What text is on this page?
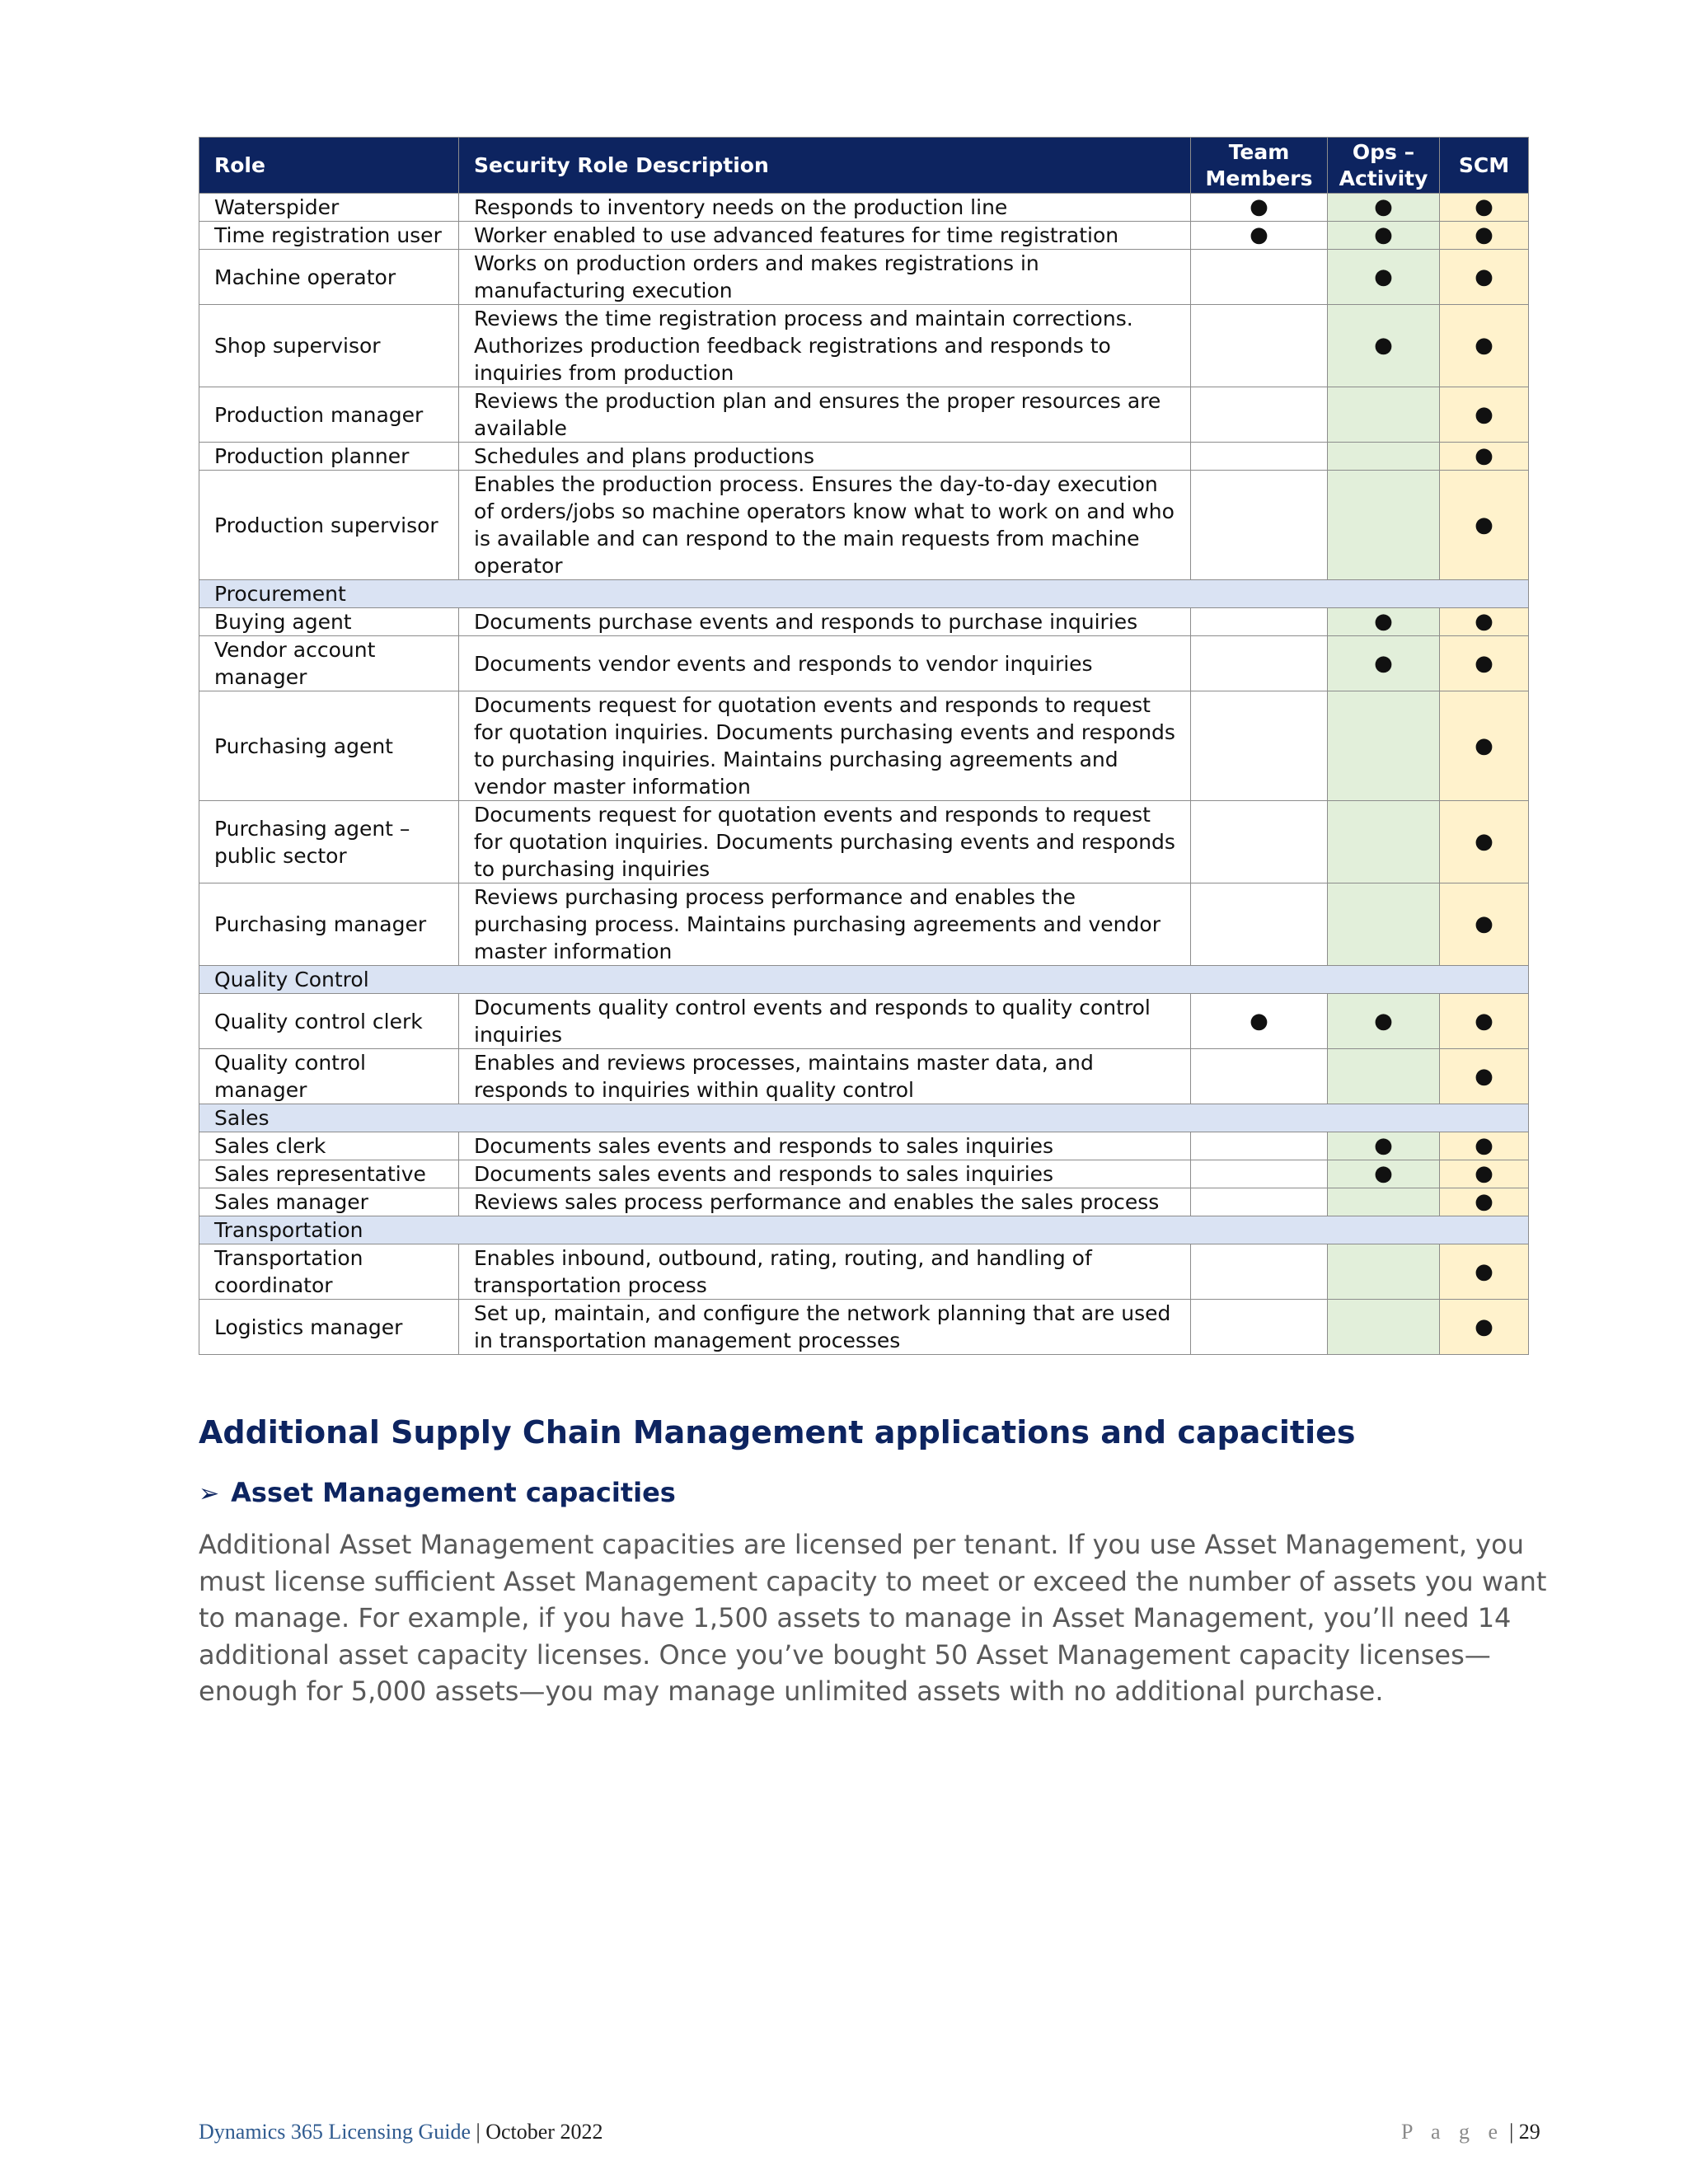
Role	Security Role Description	Team Members	Ops – Activity	SCM
Waterspider	Responds to inventory needs on the production line	●	●	●
Time registration user	Worker enabled to use advanced features for time registration	●	●	●
Machine operator	Works on production orders and makes registrations in manufacturing execution		●	●
Shop supervisor	Reviews the time registration process and maintain corrections. Authorizes production feedback registrations and responds to inquiries from production		●	●
Production manager	Reviews the production plan and ensures the proper resources are available			●
Production planner	Schedules and plans productions			●
Production supervisor	Enables the production process. Ensures the day-to-day execution of orders/jobs so machine operators know what to work on and who is available and can respond to the main requests from machine operator			●
Procurement				
Buying agent	Documents purchase events and responds to purchase inquiries		●	●
Vendor account manager	Documents vendor events and responds to vendor inquiries		●	●
Purchasing agent	Documents request for quotation events and responds to request for quotation inquiries. Documents purchasing events and responds to purchasing inquiries. Maintains purchasing agreements and vendor master information			●
Purchasing agent – public sector	Documents request for quotation events and responds to request for quotation inquiries. Documents purchasing events and responds to purchasing inquiries			●
Purchasing manager	Reviews purchasing process performance and enables the purchasing process. Maintains purchasing agreements and vendor master information			●
Quality Control				
Quality control clerk	Documents quality control events and responds to quality control inquiries	●	●	●
Quality control manager	Enables and reviews processes, maintains master data, and responds to inquiries within quality control			●
Sales				
Sales clerk	Documents sales events and responds to sales inquiries		●	●
Sales representative	Documents sales events and responds to sales inquiries		●	●
Sales manager	Reviews sales process performance and enables the sales process			●
Transportation				
Transportation coordinator	Enables inbound, outbound, rating, routing, and handling of transportation process			●
Logistics manager	Set up, maintain, and configure the network planning that are used in transportation management processes			●
Additional Supply Chain Management applications and capacities
➢ Asset Management capacities

Additional Asset Management capacities are licensed per tenant. If you use Asset Management, you must license sufficient Asset Management capacity to meet or exceed the number of assets you want to manage. For example, if you have 1,500 assets to manage in Asset Management, you’ll need 14 additional asset capacity licenses. Once you’ve bought 50 Asset Management capacity licenses—enough for 5,000 assets—you may manage unlimited assets with no additional purchase.

Dynamics 365 Licensing Guide | October 2022	P a g e | 29
